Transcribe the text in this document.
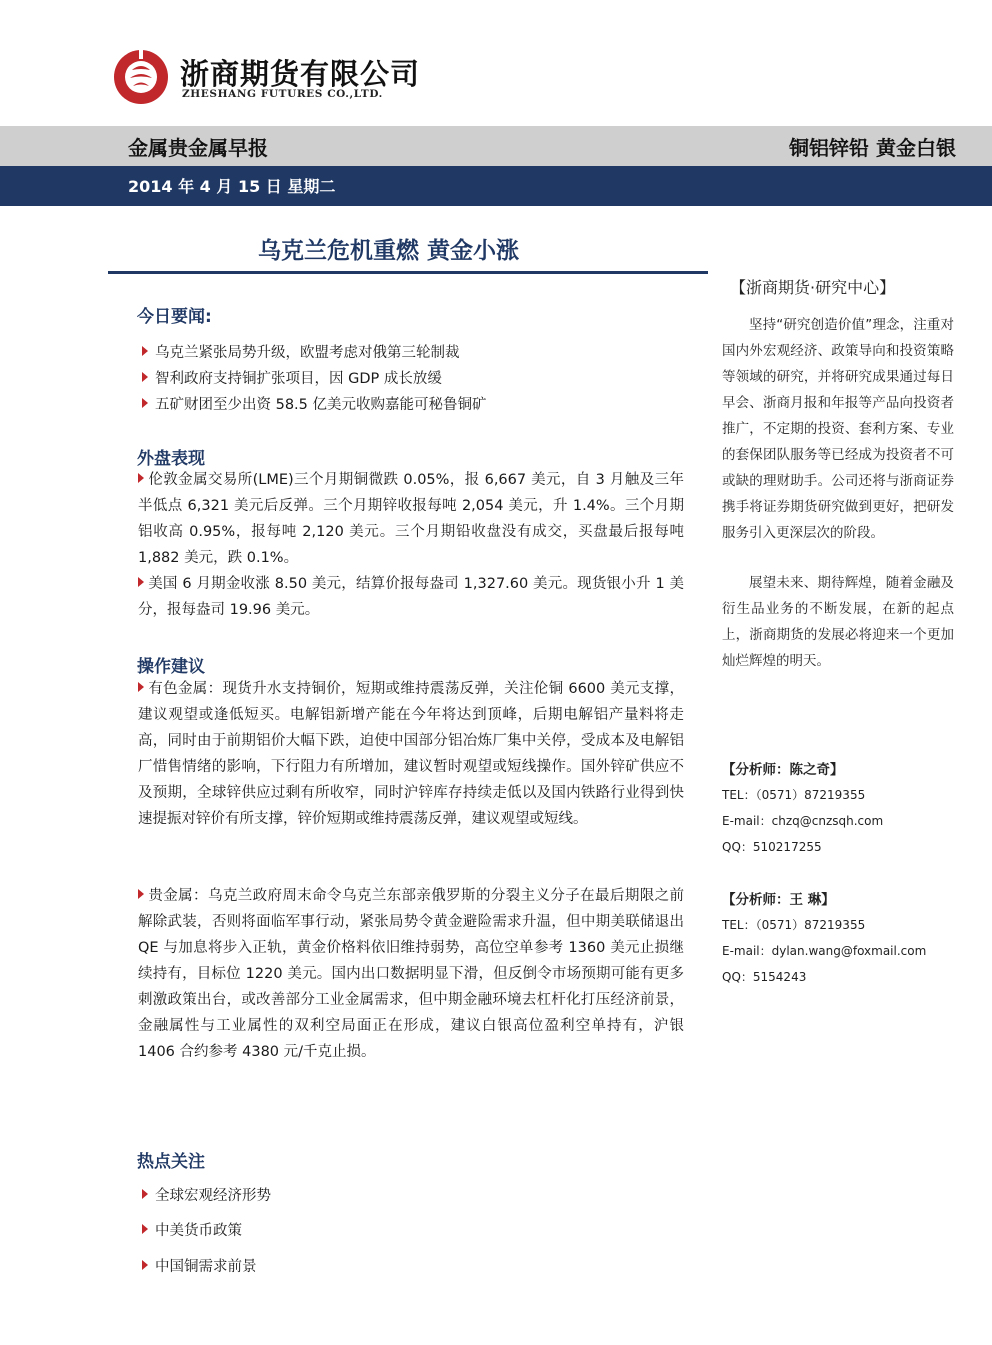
浙商期货有限公司
ZHESHANG FUTURES CO.,LTD.
金属贵金属早报	铜铝锌铅 黄金白银
2014 年 4 月 15 日 星期二
乌克兰危机重燃 黄金小涨
今日要闻:
乌克兰紧张局势升级，欧盟考虑对俄第三轮制裁
智利政府支持铜扩张项目，因 GDP 成长放缓
五矿财团至少出资 58.5 亿美元收购嘉能可秘鲁铜矿
外盘表现
伦敦金属交易所(LME)三个月期铜微跌 0.05%，报 6,667 美元，自 3 月触及三年半低点 6,321 美元后反弹。三个月期锌收报每吨 2,054 美元，升 1.4%。三个月期铝收高 0.95%，报每吨 2,120 美元。三个月期铅收盘没有成交，买盘最后报每吨 1,882 美元，跌 0.1%。
美国 6 月期金收涨 8.50 美元，结算价报每盎司 1,327.60 美元。现货银小升 1 美分，报每盎司 19.96 美元。
操作建议
有色金属：现货升水支持铜价，短期或维持震荡反弹，关注伦铜 6600 美元支撑，建议观望或逢低短买。电解铝新增产能在今年将达到顶峰，后期电解铝产量料将走高，同时由于前期铝价大幅下跌，迫使中国部分铝冶炼厂集中关停，受成本及电解铝厂惜售情绪的影响，下行阻力有所增加，建议暂时观望或短线操作。国外锌矿供应不及预期，全球锌供应过剩有所收窄，同时沪锌库存持续走低以及国内铁路行业得到快速提振对锌价有所支撑，锌价短期或维持震荡反弹，建议观望或短线。
贵金属：乌克兰政府周末命令乌克兰东部亲俄罗斯的分裂主义分子在最后期限之前解除武装，否则将面临军事行动，紧张局势令黄金避险需求升温，但中期美联储退出 QE 与加息将步入正轨，黄金价格料依旧维持弱势，高位空单参考 1360 美元止损继续持有，目标位 1220 美元。国内出口数据明显下滑，但反倒令市场预期可能有更多刺激政策出台，或改善部分工业金属需求，但中期金融环境去杠杆化打压经济前景，金融属性与工业属性的双利空局面正在形成，建议白银高位盈利空单持有，沪银 1406 合约参考 4380 元/千克止损。
热点关注
全球宏观经济形势
中美货币政策
中国铜需求前景
【浙商期货·研究中心】
坚持“研究创造价值”理念，注重对国内外宏观经济、政策导向和投资策略等领域的研究，并将研究成果通过每日早会、浙商月报和年报等产品向投资者推广，不定期的投资、套利方案、专业的套保团队服务等已经成为投资者不可或缺的理财助手。公司还将与浙商证券携手将证券期货研究做到更好，把研发服务引入更深层次的阶段。
展望未来、期待辉煌，随着金融及衍生品业务的不断发展，在新的起点上，浙商期货的发展必将迎来一个更加灿烂辉煌的明天。
【分析师：陈之奇】
TEL：（0571）87219355
E-mail：chzq@cnzsqh.com
QQ：510217255
【分析师：王 琳】
TEL：（0571）87219355
E-mail：dylan.wang@foxmail.com
QQ：5154243
